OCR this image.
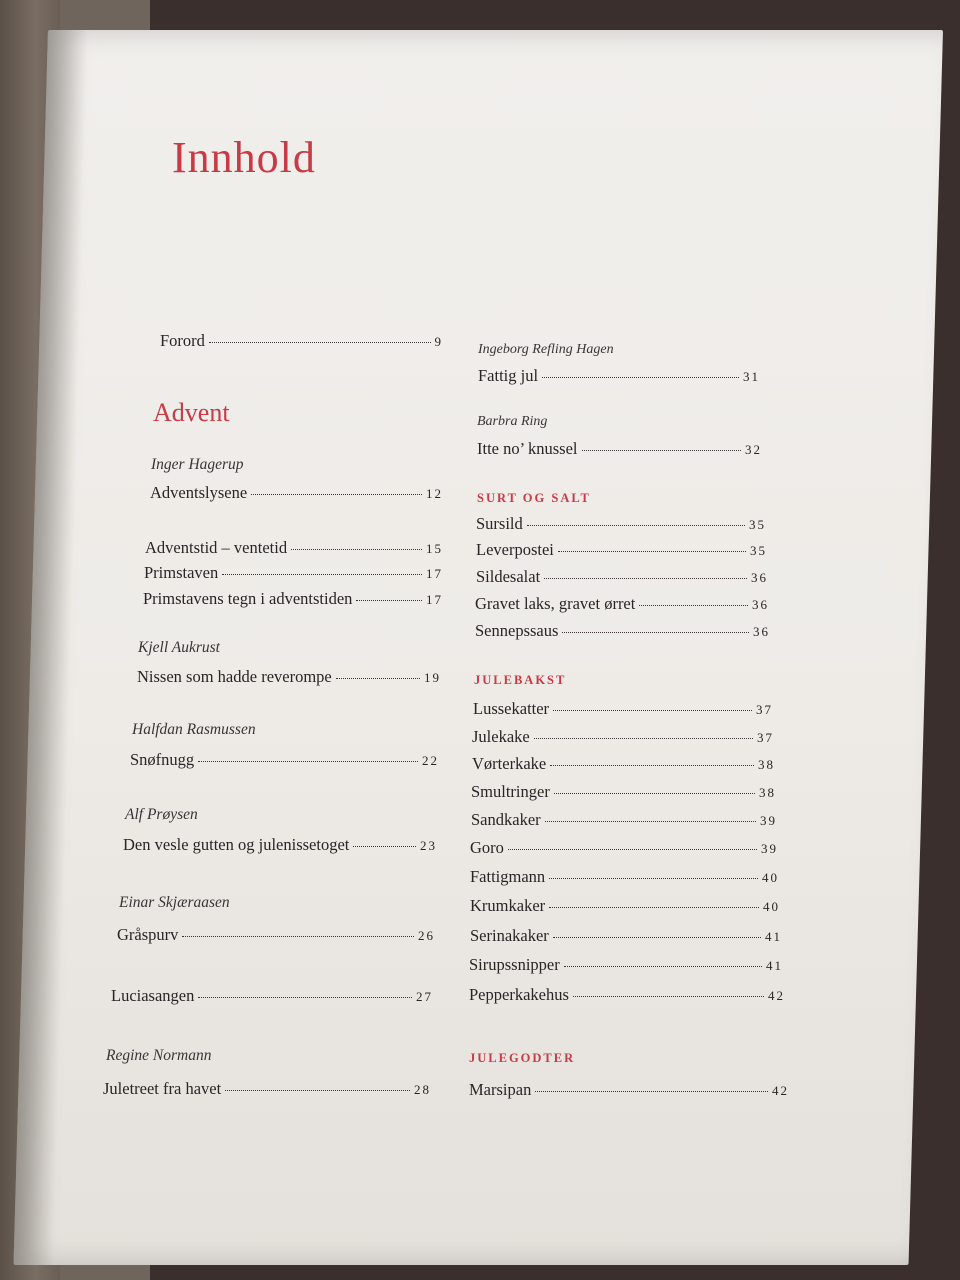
Innhold
Forord	9
Advent
Inger Hagerup
Adventslysene	12
Adventstid – ventetid	15
Primstaven	17
Primstavens tegn i adventstiden	17
Kjell Aukrust
Nissen som hadde reverompe	19
Halfdan Rasmussen
Snøfnugg	22
Alf Prøysen
Den vesle gutten og julenissetoget	23
Einar Skjæraasen
Gråspurv	26
Luciasangen	27
Regine Normann
Juletreet fra havet	28
Ingeborg Refling Hagen
Fattig jul	31
Barbra Ring
Itte no’ knussel	32
SURT OG SALT
Sursild	35
Leverpostei	35
Sildesalat	36
Gravet laks, gravet ørret	36
Sennepssaus	36
JULEBAKST
Lussekatter	37
Julekake	37
Vørterkake	38
Smultringer	38
Sandkaker	39
Goro	39
Fattigmann	40
Krumkaker	40
Serinakaker	41
Sirupssnipper	41
Pepperkakehus	42
JULEGODTER
Marsipan	42
